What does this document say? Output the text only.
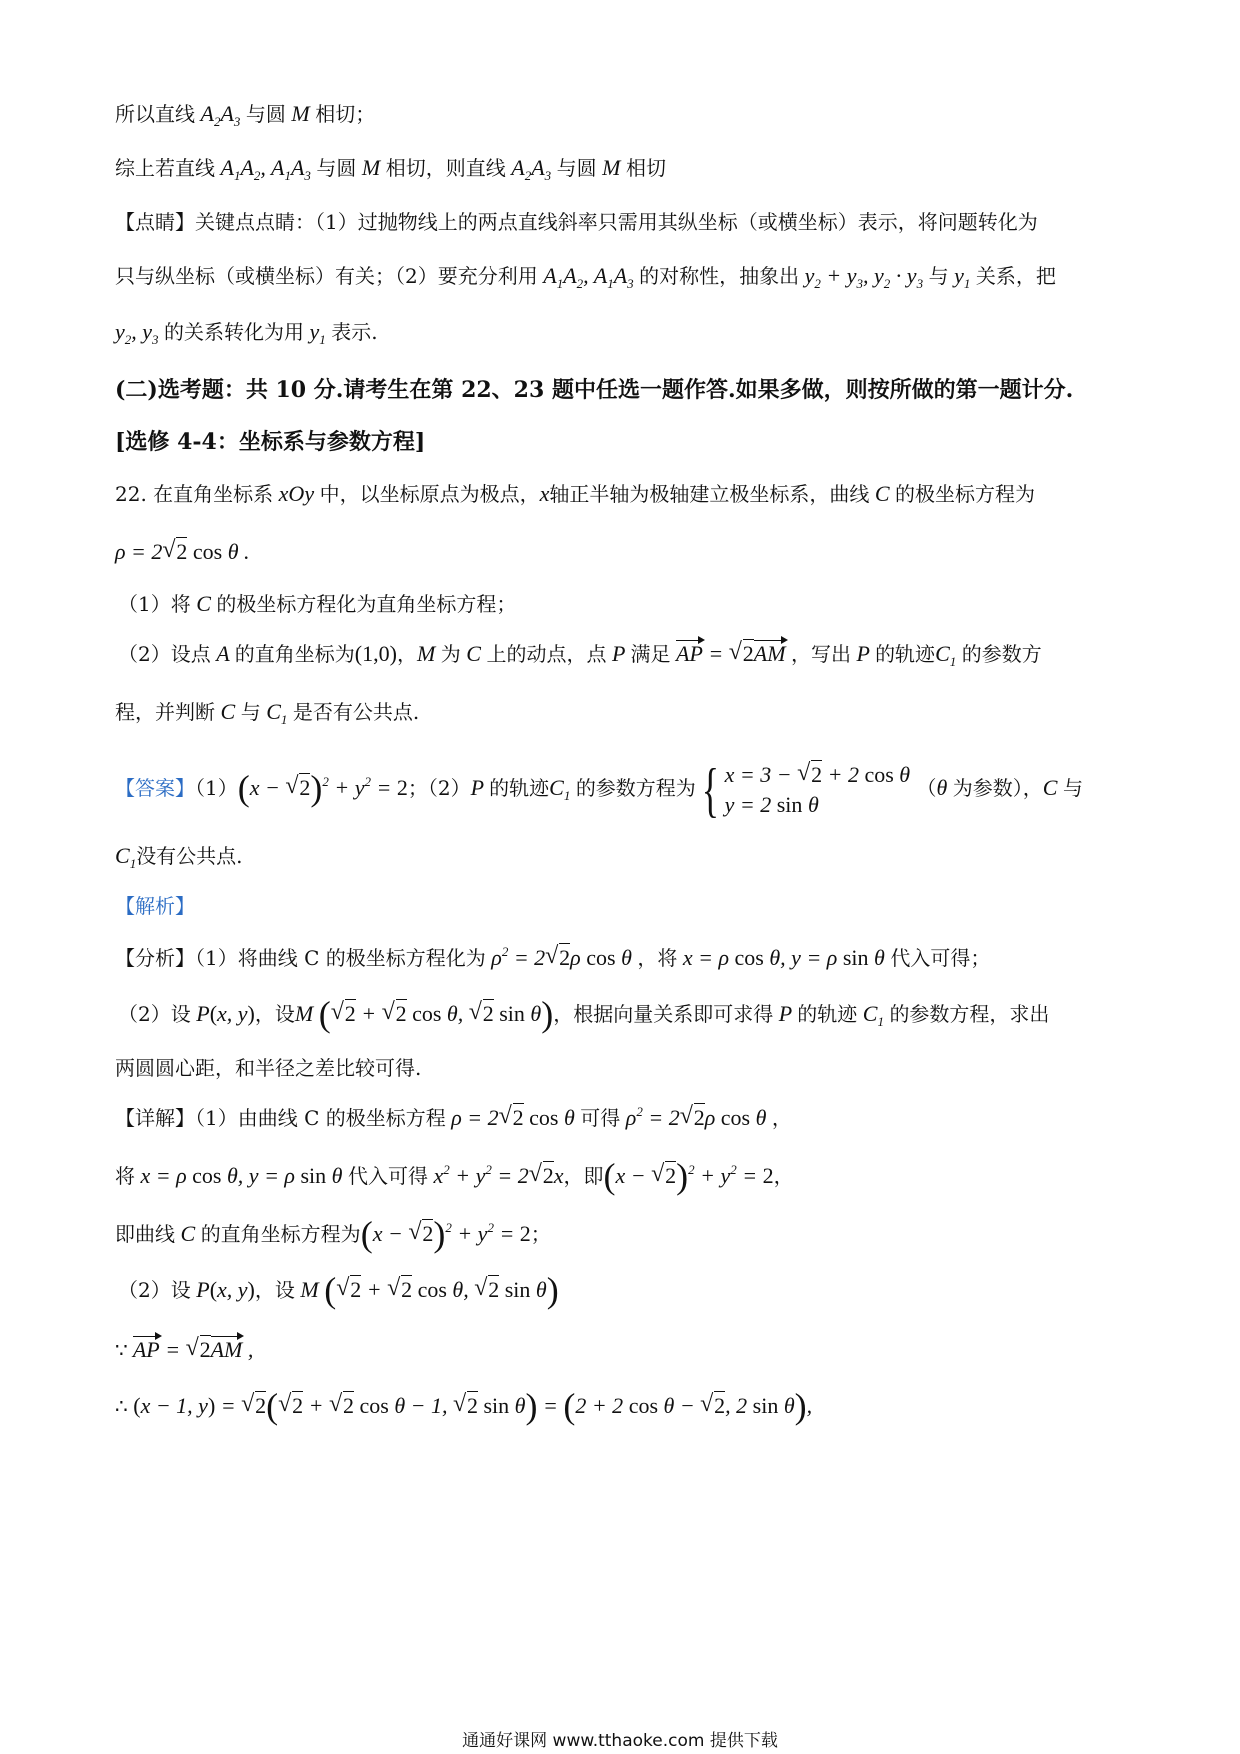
所以直线 $A_2A_3$ 与圆 M 相切；
综上若直线 $A_1A_2$, $A_1A_3$ 与圆 M 相切，则直线 $A_2A_3$ 与圆 M 相切
【点睛】关键点点睛：（1）过抛物线上的两点直线斜率只需用其纵坐标（或横坐标）表示，将问题转化为
只与纵坐标（或横坐标）有关；（2）要充分利用 $A_1A_2$, $A_1A_3$ 的对称性，抽象出 $y_2 + y_3$, $y_2 \cdot y_3$ 与 $y_1$ 关系，把
$y_2$, $y_3$ 的关系转化为用 $y_1$ 表示.
(二)选考题：共 10 分.请考生在第 22、23 题中任选一题作答.如果多做，则按所做的第一题计分.
[选修 4-4：坐标系与参数方程]
22. 在直角坐标系 xOy 中，以坐标原点为极点，x轴正半轴为极轴建立极坐标系，曲线 C 的极坐标方程为
ρ = 2√ 2 cos θ .
（1）将 C 的极坐标方程化为直角坐标方程；
（2）设点 A 的直角坐标为(1,0)，M 为 C 上的动点，点 P 满足 AP = √ 2AM ，写出 P 的轨迹$C_1$ 的参数方
程，并判断 C 与 $C_1$ 是否有公共点.
【答案】（1）(x − √ $2)^2 + y^2 = 2$；（2）P 的轨迹$C_1$ 的参数方程为{ x = 3 − √ 2 + 2 cos θ
y = 2 sin θ （θ 为参数），C 与
$C_1$没有公共点.
【解析】
【分析】（1）将曲线 C 的极坐标方程化为 $\rho^2 = 2√$ 2ρ cos θ ，将 x = ρ cos θ, y = ρ sin θ 代入可得；
（2）设 P(x, y)，设M (√ 2 + √ 2 cos θ, √ 2 sin θ)，根据向量关系即可求得 P 的轨迹 $C_1$ 的参数方程，求出
两圆圆心距，和半径之差比较可得.
【详解】（1）由曲线 C 的极坐标方程 ρ = 2√ 2 cos θ 可得 $\rho^2 = 2√$ 2ρ cos θ ，
将 x = ρ cos θ, y = ρ sin θ 代入可得 $x^2 + y^2 = 2√$ 2x，即(x − √ $2)^2 + y^2 = 2$，
即曲线 C 的直角坐标方程为(x − √ $2)^2 + y^2 = 2$；
（2）设 P(x, y)，设 M (√ 2 + √ 2 cos θ, √ 2 sin θ)
∵ AP = √ 2AM ,
∴ (x − 1, y) = √ 2(√ 2 + √ 2 cos θ − 1, √ 2 sin θ) = (2 + 2 cos θ − √ 2, 2 sin θ),
通通好课网 www.tthaoke.com 提供下载
